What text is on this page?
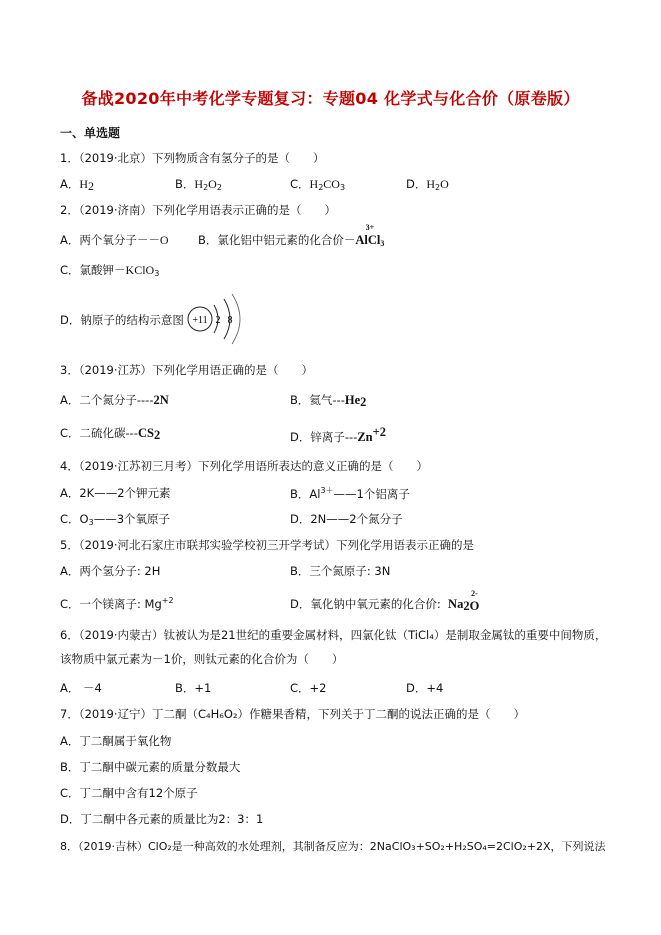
备战2020年中考化学专题复习：专题04 化学式与化合价（原卷版）
一、单选题
1．（2019·北京）下列物质含有氢分子的是（　　）
A．$H_2$	B．$H_2O_2$	C．$H_2CO_3$	D．$H_2O$
2．（2019·济南）下列化学用语表示正确的是（　　）
A．两个氧分子－－O	B．氯化铝中铝元素的化合价－
3+
AlCl$_3$
C．氯酸钾－KClO$_3$
D．钠原子的结构示意图 +11 2 8
3．（2019·江苏）下列化学用语正确的是（　　）
A．二个氮分子----2N	B．氦气$---He_2$
C．二硫化碳$---CS_2$	D．锌离子$---Zn^{+2}$
4．（2019·江苏初三月考）下列化学用语所表达的意义正确的是（　　）
A．2K——2个钾元素	B．$Al^{3+}——1$个铝离子
C．$O_3——3$个氧原子	D．2N——2个氮分子
5．（2019·河北石家庄市联邦实验学校初三开学考试）下列化学用语表示正确的是
A．两个氢分子: 2H	B．三个氮原子: 3N
C．一个镁离子: $Mg^{+2}$	D．氧化钠中氧元素的化合价: $Na_2$
2-
O
6．（2019·内蒙古）钛被认为是21世纪的重要金属材料，四氯化钛（TiCl₄）是制取金属钛的重要中间物质，
该物质中氯元素为－1价，则钛元素的化合价为（　　）
A． －4	B．+1	C．+2	D．+4
7．（2019·辽宁）丁二酮（C₄H₆O₂）作糖果香精，下列关于丁二酮的说法正确的是（　　）
A．丁二酮属于氧化物
B．丁二酮中碳元素的质量分数最大
C．丁二酮中含有12个原子
D．丁二酮中各元素的质量比为2：3：1
8．（2019·吉林）ClO₂是一种高效的水处理剂，其制备反应为：2NaClO₃+SO₂+H₂SO₄=2ClO₂+2X，下列说法
